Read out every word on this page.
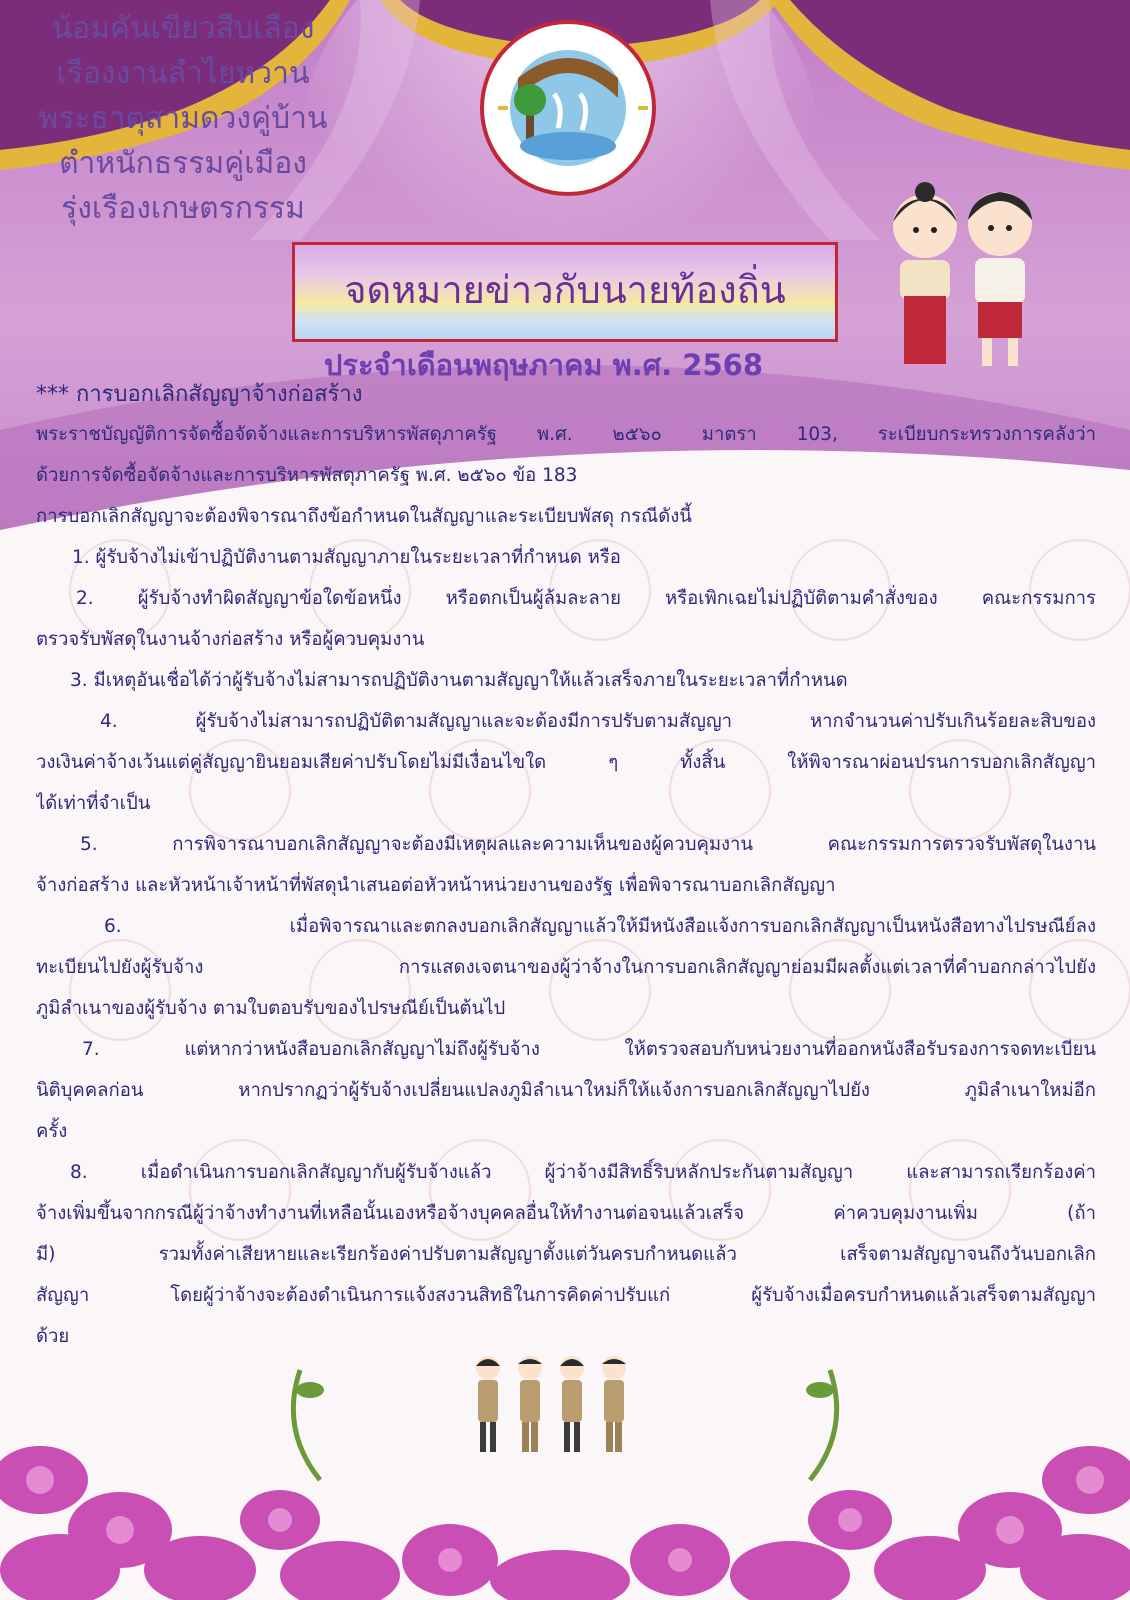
น้อมคันเขียวสืบเลือง
เรืองงานลำไยหวาน
พระธาตุสามดวงคู่บ้าน
ตำหนักธรรมคู่เมือง
รุ่งเรืองเกษตรกรรม
จดหมายข่าวกับนายท้องถิ่น
ประจำเดือนพฤษภาคม พ.ศ. 2568
*** การบอกเลิกสัญญาจ้างก่อสร้าง
พระราชบัญญัติการจัดซื้อจัดจ้างและการบริหารพัสดุภาครัฐ พ.ศ. ๒๕๖๐ มาตรา 103, ระเบียบกระทรวงการคลังว่า
ด้วยการจัดซื้อจัดจ้างและการบริหารพัสดุภาครัฐ พ.ศ. ๒๕๖๐ ข้อ 183
การบอกเลิกสัญญาจะต้องพิจารณาถึงข้อกำหนดในสัญญาและระเบียบพัสดุ กรณีดังนี้
1. ผู้รับจ้างไม่เข้าปฏิบัติงานตามสัญญาภายในระยะเวลาที่กำหนด หรือ
2. ผู้รับจ้างทำผิดสัญญาข้อใดข้อหนึ่ง หรือตกเป็นผู้ล้มละลาย หรือเพิกเฉยไม่ปฏิบัติตามคำสั่งของ คณะกรรมการ
ตรวจรับพัสดุในงานจ้างก่อสร้าง หรือผู้ควบคุมงาน
3. มีเหตุอันเชื่อได้ว่าผู้รับจ้างไม่สามารถปฏิบัติงานตามสัญญาให้แล้วเสร็จภายในระยะเวลาที่กำหนด
4. ผู้รับจ้างไม่สามารถปฏิบัติตามสัญญาและจะต้องมีการปรับตามสัญญา หากจำนวนค่าปรับเกินร้อยละสิบของ
วงเงินค่าจ้างเว้นแต่คู่สัญญายินยอมเสียค่าปรับโดยไม่มีเงื่อนไขใด ๆ ทั้งสิ้น ให้พิจารณาผ่อนปรนการบอกเลิกสัญญา
ได้เท่าที่จำเป็น
5. การพิจารณาบอกเลิกสัญญาจะต้องมีเหตุผลและความเห็นของผู้ควบคุมงาน คณะกรรมการตรวจรับพัสดุในงาน
จ้างก่อสร้าง และหัวหน้าเจ้าหน้าที่พัสดุนำเสนอต่อหัวหน้าหน่วยงานของรัฐ เพื่อพิจารณาบอกเลิกสัญญา
6. เมื่อพิจารณาและตกลงบอกเลิกสัญญาแล้วให้มีหนังสือแจ้งการบอกเลิกสัญญาเป็นหนังสือทางไปรษณีย์ลง
ทะเบียนไปยังผู้รับจ้าง การแสดงเจตนาของผู้ว่าจ้างในการบอกเลิกสัญญาย่อมมีผลตั้งแต่เวลาที่คำบอกกล่าวไปยัง
ภูมิลำเนาของผู้รับจ้าง ตามใบตอบรับของไปรษณีย์เป็นต้นไป
7. แต่หากว่าหนังสือบอกเลิกสัญญาไม่ถึงผู้รับจ้าง ให้ตรวจสอบกับหน่วยงานที่ออกหนังสือรับรองการจดทะเบียน
นิติบุคคลก่อน หากปรากฏว่าผู้รับจ้างเปลี่ยนแปลงภูมิลำเนาใหม่ก็ให้แจ้งการบอกเลิกสัญญาไปยัง ภูมิลำเนาใหม่อีก
ครั้ง
8. เมื่อดำเนินการบอกเลิกสัญญากับผู้รับจ้างแล้ว ผู้ว่าจ้างมีสิทธิ์ริบหลักประกันตามสัญญา และสามารถเรียกร้องค่า
จ้างเพิ่มขึ้นจากกรณีผู้ว่าจ้างทำงานที่เหลือนั้นเองหรือจ้างบุคคลอื่นให้ทำงานต่อจนแล้วเสร็จ ค่าควบคุมงานเพิ่ม (ถ้า
มี) รวมทั้งค่าเสียหายและเรียกร้องค่าปรับตามสัญญาตั้งแต่วันครบกำหนดแล้ว เสร็จตามสัญญาจนถึงวันบอกเลิก
สัญญา โดยผู้ว่าจ้างจะต้องดำเนินการแจ้งสงวนสิทธิในการคิดค่าปรับแก่ ผู้รับจ้างเมื่อครบกำหนดแล้วเสร็จตามสัญญา
ด้วย
